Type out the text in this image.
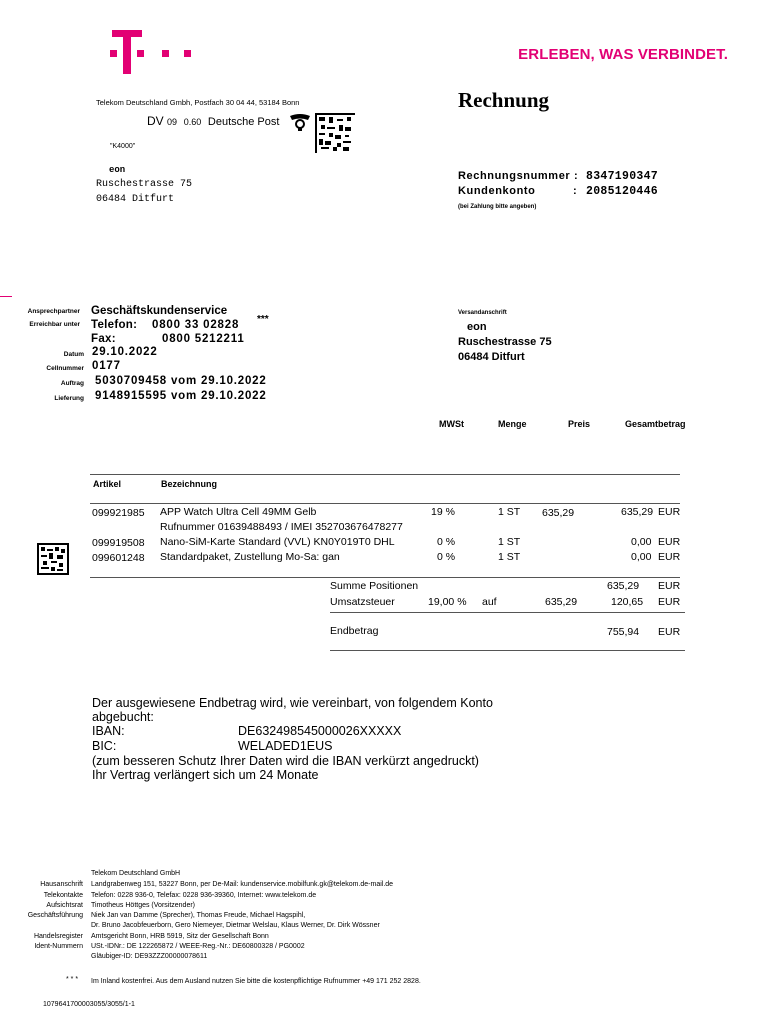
ERLEBEN, WAS VERBINDET.
Telekom Deutschland Gmbh, Postfach 30 04 44, 53184 Bonn
DV 09 0.60 Deutsche Post
"K4000"
eon
Ruschestrasse 75
06484 Ditfurt
Rechnung
Rechnungsnummer : 8347190347
Kundenkonto	: 2085120446
(bei Zahlung bitte angeben)
Ansprechpartner Geschäftskundenservice
Erreichbar unter Telefon: 0800 33 02828 ***
Fax:	0800 5212211
Datum 29.10.2022
Cellnummer 0177
Auftrag 5030709458 vom 29.10.2022
Lieferung 9148915595 vom 29.10.2022
Versandanschrift
eon
Ruschestrasse 75
06484 Ditfurt
MWSt	Menge	Preis	Gesamtbetrag
Artikel	Bezeichnung
099921985 APP Watch Ultra Cell 49MM Gelb	19 %	1 ST 635,29	635,29 EUR
Rufnummer 01639488493 / IMEI 352703676478277
099919508 Nano-SiM-Karte Standard (VVL) KN0Y019T0 DHL	0 %	1 ST	0,00 EUR
099601248 Standardpaket, Zustellung Mo-Sa: gan	0 %	1 ST	0,00 EUR
Summe Positionen	635,29 EUR
Umsatzsteuer	19,00 % auf	635,29	120,65 EUR
Endbetrag	755,94 EUR
Der ausgewiesene Endbetrag wird, wie vereinbart, von folgendem Konto
abgebucht:
IBAN:	DE632498545000026XXXXX
BIC:	WELADED1EUS
(zum besseren Schutz Ihrer Daten wird die IBAN verkürzt angedruckt)
Ihr Vertrag verlängert sich um 24 Monate
Telekom Deutschland GmbH
Hausanschrift Landgrabenweg 151, 53227 Bonn, per De-Mail: kundenservice.mobilfunk.gk@telekom.de-mail.de
Telekontakte Telefon: 0228 936-0, Telefax: 0228 936-39360, Internet: www.telekom.de
Aufsichtsrat Timotheus Höttges (Vorsitzender)
Geschäftsführung Niek Jan van Damme (Sprecher), Thomas Freude, Michael Hagspihl,
Dr. Bruno Jacobfeuerborn, Gero Niemeyer, Dietmar Welslau, Klaus Werner, Dr. Dirk Wössner
Handelsregister Amtsgericht Bonn, HRB 5919, Sitz der Gesellschaft Bonn
Ident-Nummern USt.-IDNr.: DE 122265872 / WEEE-Reg.-Nr.: DE60800328 / PG0002
Gläubiger-ID: DE93ZZZ00000078611
* * * Im Inland kostenfrei. Aus dem Ausland nutzen Sie bitte die kostenpflichtige Rufnummer +49 171 252 2828.
1079641700003055/3055/1-1
